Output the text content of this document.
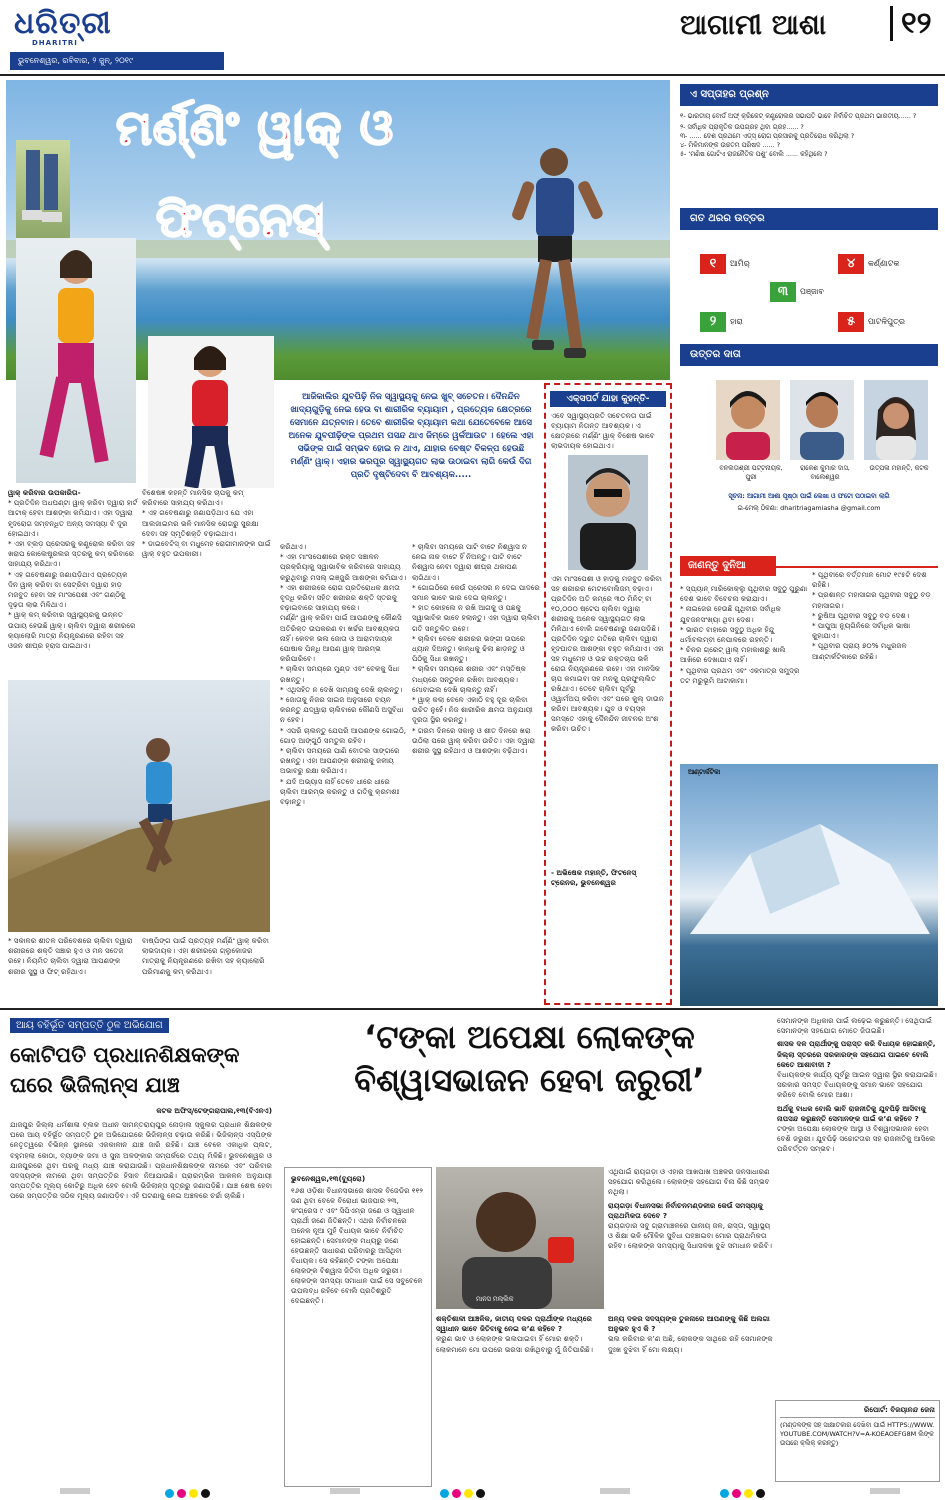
ଧରିତ୍ରୀ
DHARITRI
ଭୁବନେଶ୍ୱର, ରବିବାର, ୨ ଜୁନ୍‌, ୨୦୧୯
ଆଗାମୀ ଆଶା	୧୨
ମର୍ଣ୍ଣିଂ ୱାକ୍‌ ଓ
ଫିଟ୍‌ନେସ୍‌
ଆଜିକାଲିର ଯୁବପିଢ଼ି ନିଜ ସ୍ୱାସ୍ଥ୍ୟକୁ ନେଇ ଖୁବ୍‌ ସଚେତନ। ଦୈନନ୍ଦିନ ଖାଦ୍ୟଗୁଡ଼ିକୁ ନେଇ ହେଉ ବା ଶାରୀରିକ ବ୍ୟାୟାମ , ପ୍ରତ୍ୟେକ କ୍ଷେତ୍ରରେ ସେମାନେ ଯତ୍ନବାନ। ତେବେ ଶାରୀରିକ ବ୍ୟାୟାମ କଥା ଯେତେବେଳେ ଆସେ ଅନେକ ଯୁବପୀଢ଼ିଙ୍କ ପ୍ରଥମ ପସନ୍ଦ ଥାଏ ଜିମ୍‌ରେ ୱର୍କଆଉଟ । ହେଲେ ଏହା ସଭିଙ୍କ ପାଇଁ ସମ୍ଭବ ହୋଇ ନ ଥାଏ, ଯାହାର ବେଷ୍ଟ ବିକଳ୍ପ ହେଉଛି ମର୍ଣ୍ଣିଂ ୱାକ୍‌। ଏହାର ଭରପୂର ସ୍ୱାସ୍ଥ୍ୟଗତ ଲାଭ ଉଠାଇବା ଲାଗି କେଉଁ ଦିଗ ପ୍ରତି ଦୃଷ୍ଟିଦେବା ବି ଆବଶ୍ୟକ.....
ୱାକ୍‌ କରିବାର ଉପକାରିତା-

* ପ୍ରତିଦିନ ଅଧଘଣ୍ଟା ୱାକ୍‌ କରିବା ଦ୍ୱାରା ହାର୍ଟ ଆଟାକ୍‌ ହେବା ଆଶଙ୍କା କମିଯାଏ। ଏହା ଦ୍ୱାରା ହୃଦରୋଗ ସମ୍ବନ୍ଧିତ ଅନ୍ୟ ସମସ୍ୟା ବି ଦୂର ହୋଇଥାଏ।

* ଏହା ବ୍ଲଡ଼ ପ୍ରେସରକୁ କଣ୍ଟ୍ରୋଲ କରିବା ସହ ଖରାପ କୋଲେଷ୍ଟ୍ରଲର ସ୍ତରକୁ କମ୍‌ କରିବାରେ ସାହାଯ୍ୟ କରିଥାଏ।

* ଏହ ଗବେଷଣାରୁ ଜଣାପଡ଼ିଥାଏ ପ୍ରତ୍ୟେକ ଦିନ ୱାକ୍‌ କରିବା ବା ସେଟ୍ରିବା ଦ୍ୱାରା ହାଡ଼ ମଜବୁତ ହେବା ସହ ମାଂସପେଶୀ ଏବଂ ଗଣ୍ଠିକୁ ଦୃଢ଼ତା ଲାଭ ମିଳିଥାଏ।

* ୱାକ୍‌ କମ୍‌ କରିବାର ସ୍ୱାସ୍ଥ୍ୟରକୁ ଉନ୍ନତ ଉପାୟ ହେଉଛି ୱାକ୍‌। ଚାଲିବା ଦ୍ୱାରା ଶରୀରରେ କ୍ୟାଲୋରି ମାତ୍ରା ନିୟନ୍ତ୍ରଣରେ ରହିବା ସହ ଓଜନ ଶୀଘ୍ର ହ୍ରାସ ପାଇଥାଏ।

* ସକାଳର ଶୀତଳ ପରିବେଶରେ ଚାଲିବା ଦ୍ୱାରା ଶରୀରରେ ଶକ୍ତି ସଞ୍ଚାର ହୁଏ ଓ ମନ ସତେଜ ରହେ। ନିୟମିତ ଚାଲିବା ଦ୍ୱାରା ଆପଣଙ୍କ ଶରୀର ସୁସ୍ଥ ଓ ଫିଟ୍‌ ରହିଥାଏ।

ବିଶେଷଜ୍ଞ କହନ୍ତି ମାନସିକ ଚାପକୁ କମ୍‌ କରିବାରେ ସାହାଯ୍ୟ କରିଥାଏ।

* ଏହ ଗବେଷଣାରୁ ଜଣାପଡ଼ିଥାଏ ଯେ ଏହା ଆଲଜାଇମର ଭଳି ମାନସିକ ରୋଗରୁ ସୁରକ୍ଷା ଦେବା ସହ ସ୍ମୃତିଶକ୍ତି ବଢ଼ାଇଥାଏ।

* ଡାଇବେଟିସ୍‌ ବା ମଧୁମେହ ରୋଗୀମାନଙ୍କ ପାଇଁ ୱାକ୍‌ ବହୁତ ଉପକାରୀ।

ବାଷ୍ପିଙ୍ଗ ପାଇଁ ପ୍ରତ୍ୟହ ମର୍ଣ୍ଣିଂ ୱାକ୍‌ କରିବା ଲାଭଦାୟକ। ଏହା ଶରୀରରେ ଗ୍ଲୁକୋଜର ମାତ୍ରାକୁ ନିୟନ୍ତ୍ରଣରେ ରଖିବା ସହ କ୍ୟାଲୋରି ପରିମାଣକୁ କମ୍‌ କରିଥାଏ।

କରିଥାଏ।

* ଏହା ମାଂସପେଶୀରେ ରକ୍ତ ସଞ୍ଚାଳନ ପ୍ରକ୍ରିୟାକୁ ସ୍ୱାଭାବିକ କରିବାରେ ସାହାଯ୍ୟ କରୁଥିବାରୁ ମସଲ୍‌ ଇଞ୍ଜୁରି ଆଶଙ୍କା କମିଯାଏ।

* ଏହା ଶରୀରରେ ରୋଗ ପ୍ରତିରୋଧକ କ୍ଷମତା ବୃଦ୍ଧି କରିବା ସହିତ ଶରୀରର ଶକ୍ତି ସ୍ତରକୁ ବଢ଼ାଇବାରେ ସାହାଯ୍ୟ କରେ।

ମର୍ଣ୍ଣିଂ ୱାକ୍‌ କରିବା ପାଇଁ ଆପଣଙ୍କୁ କୌଣସି ଅତିରିକ୍ତ ଉପକରଣ ବା ଖର୍ଚ୍ଚର ଆବଶ୍ୟକତା ନାହିଁ। କେବଳ ଭଲ ଜୋତା ଓ ଆରାମଦାୟକ ପୋଷାକ ପିନ୍ଧି ଆପଣ ୱାକ୍‌ ଆରମ୍ଭ କରିପାରିବେ।

* ଚାଲିବା ସମୟରେ ମୁଣ୍ଡ ଏବଂ ବେକକୁ ସିଧା ରଖନ୍ତୁ।

* ଏଥିସହିତ ନ ଦେଖି ସାମ୍ନାକୁ ଦେଖି ଚାଲନ୍ତୁ।

* ଜୋତାକୁ ନିଜର ସାଇଜ ଅନୁସାରେ ଚୟନ କରନ୍ତୁ ଯଦ୍ୱାରା ଚାଲିବାରେ କୌଣସି ଅସୁବିଧା ନ ହେବ।

* ଏପରି ଚାଲନ୍ତୁ ଯେପରି ଆପଣଙ୍କ ଗୋଇଠି, ଗୋଡ଼ ଆଙ୍ଗୁଠି ସମତୁଲ ରହିବ।

* ଚାଲିବା ସମୟରେ ପାଣି ବୋତଲ ସାଙ୍ଗରେ ରଖନ୍ତୁ। ଏହା ଆପଣଙ୍କ ଶରୀରକୁ ଜଳୀୟ ଅଭାବରୁ ରକ୍ଷା କରିଥାଏ।

* ଯଦି ଅଭ୍ୟାସ ନାହିଁ ତେବେ ଧୀରେ ଧୀରେ ଚାଲିବା ଆରମ୍ଭ କରନ୍ତୁ ଓ ଗତିକୁ କ୍ରମଶଃ ବଢ଼ାନ୍ତୁ।

* ଚାଲିବା ସମୟରେ ପାଟି ବାଟେ ନିଶ୍ୱାସ ନ ନେଇ ନାକ ବାଟେ ହିଁ ନିଅନ୍ତୁ। ପାଟି ବାଟେ ନିଶ୍ୱାସ ନେବା ଦ୍ୱାରା ଶୀଘ୍ର ଥକାପଣ ଲାଗିଥାଏ।

* ଗୋଇଠିରେ କେଉଁ ପ୍ରେସର ନ ଦେଇ ପାଦରେ ସମାନ ଭାବେ ଭାର ଦେଇ ଚାଲନ୍ତୁ।

* ହାତ କୋହଲେ ନ ରଖି ଆଗକୁ ଓ ପଛକୁ ସ୍ୱାଭାବିକ ଭାବେ ହଲାନ୍ତୁ। ଏହା ଦ୍ୱାରା ଚାଲିବା ଗତି ସନ୍ତୁଳିତ ରହେ।

* ଚାଲିବା ବେଳେ ଶରୀରର ଭଙ୍ଗୀ ଉପରେ ଧ୍ୟାନ ଦିଅନ୍ତୁ। କାନ୍ଧକୁ ଢିଲା ଛାଡ଼ନ୍ତୁ ଓ ପିଠିକୁ ସିଧା ରଖନ୍ତୁ।

* ଚାଲିବା ସମୟରେ ଶରୀର ଏବଂ ମସ୍ତିଷ୍କ ମଧ୍ୟରେ ସନ୍ତୁଳନ ରଖିବା ଆବଶ୍ୟକ। ମୋବାଇଲ ଦେଖି ଚାଲନ୍ତୁ ନାହିଁ।

* ୱାକ୍‌ କଲା ବେଳେ ଏକାଠି ବହୁ ଦୂର ଚାଲିବା ଉଚିତ ନୁହେଁ। ନିଜ ଶାରୀରିକ କ୍ଷମତା ଅନୁଯାୟୀ ଦୂରତା ସ୍ଥିର କରନ୍ତୁ।

* ଗରମ ଦିନରେ ସକାଳୁ ଓ ଶୀତ ଦିନରେ ଖରା ଉଠିଲା ପରେ ୱାକ୍‌ କରିବା ଉଚିତ। ଏହା ଦ୍ୱାରା ଶରୀର ସୁସ୍ଥ ରହିଥାଏ ଓ ଆଶଙ୍କା ବଢ଼ିଥାଏ।

ଏକ୍ସପର୍ଟ ଯାହା କୁହନ୍ତି-
ଏବେ ସ୍ୱାସ୍ଥ୍ୟପ୍ରତି ସଚେତନତା ପାଇଁ ବ୍ୟାୟାମ ନିତାନ୍ତ ଆବଶ୍ୟକ। ଏ କ୍ଷେତ୍ରରେ ମର୍ଣ୍ଣିଂ ୱାକ୍‌ ବିଶେଷ ଭାବେ ଲାଭଦାୟକ ହୋଇଥାଏ।
ଏହା ମାଂସପେଶୀ ଓ ହାଡ଼କୁ ମଜବୁତ କରିବା ସହ ଶରୀରର ମେଟାବୋଲିଜମ୍‌ ବଢ଼ାଏ। ପ୍ରତିଦିନ ଅତି କମ୍‌ରେ ୩୦ ମିନିଟ୍‌ ବା ୧୦,୦୦୦ ଷ୍ଟେପ ଚାଲିବା ଦ୍ୱାରା ଶରୀରକୁ ଅନେକ ସ୍ୱାସ୍ଥ୍ୟଗତ ଲାଭ ମିଳିଥାଏ ବୋଲି ଗବେଷଣାରୁ ଜଣାପଡ଼ିଛି। ପ୍ରତିଦିନ ଦ୍ରୁତ ଗତିରେ ଚାଲିବା ଦ୍ୱାରା ହୃଦଘାତର ଆଶଙ୍କା ବହୁତ କମିଯାଏ। ଏହା ସହ ମଧୁମେହ ଓ ଉଚ୍ଚ ରକ୍ତଚାପ ଭଳି ରୋଗ ନିୟନ୍ତ୍ରଣରେ ରହେ। ଏହା ମାନସିକ ଚାପ କମାଇବା ସହ ମନକୁ ପ୍ରଫୁଲ୍ଲିତ ରଖିଥାଏ। ତେବେ ଚାଲିବା ପୂର୍ବରୁ ଓ୍ୱାର୍ମଅପ୍‌ କରିବା ଏବଂ ପରେ କୁଲ୍‌ ଡାଉନ କରିବା ଆବଶ୍ୟକ। ଯୁବ ଓ ବୟସ୍କ ସମସ୍ତେ ଏହାକୁ ଦୈନନ୍ଦିନ ଜୀବନର ଅଂଶ କରିବା ଉଚିତ।
- ଅଭିଷେକ ମହାନ୍ତି, ଫିଟନେସ୍‌ ଟ୍ରେନର, ଭୁବନେଶ୍ୱର
ଏ ସପ୍ତାହର ପ୍ରଶ୍ନ
୧- ଭାରତୀୟ ବୋର୍ଡ ଅଫ୍‌ କ୍ରିକେଟ୍‌ କଣ୍ଟ୍ରୋଲର ସଭାପତି ଭାବେ ନିର୍ବାଚିତ ପ୍ରଥମ ଭାରତୀୟ...... ?
୨- ସର୍ବାଧିକ ପ୍ରାକୃତିକ ଉପଗ୍ରହ ଥିବା ଗ୍ରହ...... ?
୩- ...... ଦେଶ ପ୍ରଥମେ ଏଡ୍‌ସ୍‌ ରୋଗ ପ୍ରସାରକୁ ପ୍ରତିରୋଧ କରିଥିଲା ?
୪- ମିଳିମାନଙ୍କ ଉଚ୍ଚତମ ପରିଷଦ ...... ?
୫- ‘ମଣିଷ ଗୋଟିଏ ରାଜନୈତିକ ପଶୁ’ ବୋଲି ...... କହିଥିଲେ ?
ଗତ ଥରର ଉତ୍ତର
୧	ଆମିର୍	୪	କର୍ଣ୍ଣାଟକ
୩	ପଞ୍ଜାବ
୨	ହାରା	୫	ପାଟଳିପୁତ୍ର
ଉତ୍ତର ଦାତା
ବନଲତାଶ୍ରୀ ପଟ୍ଟନାୟକ, ପୁରୀ
ରାକେଶ କୁମାର ଦାସ, ବାଲେଶ୍ୱର
ଉତ୍ପଳା ମହାନ୍ତି, କଟକ
ସୂଚନା: ଆଗାମୀ ଆଶା ପୃଷ୍ଠା ପାଇଁ ଲେଖା ଓ ଫଟୋ ପଠାଇବା ଲାଗି
ଇ-ମେଲ୍‌ ଠିକଣା: dharitriagamiasha @gmail.com
ଜାଣନ୍ତୁ ଦୁନିଆ

* ସ୍ପ୍ୟାନ୍‌ ମାରିକୋକ୍ଲୁ ପୃଥିବୀର ସବୁଠୁ ପୁରୁଣା ଦେଶ ଭାବେ ବିବେଚନା କରାଯାଏ।

* ନାଇଜେର ହେଉଛି ପୃଥିବୀର ସର୍ବାଧିକ ଯୁବଜନସଂଖ୍ୟା ଥିବା ଦେଶ।

* ଭାରତ ବାହାରେ ସବୁଠୁ ଅଧିକ ହିନ୍ଦୁ ଧର୍ମାବଲମ୍ବୀ ନେପାଳରେ ରହନ୍ତି।

* ଚିନର ଗ୍ରେଟ୍‌ ୱାଲ୍‌ ମହାକାଶରୁ ଖାଲି ଆଖିରେ ଦେଖାଯାଏ ନାହିଁ।

* ପୃଥିବୀର ପ୍ରଥମ ଏବଂ ଏକମାତ୍ର ସମୁଦ୍ର ତଟ ମରୁଭୂମି ଆଟାକାମା।

* ପୃଥିବୀରେ ବର୍ତ୍ତମାନ ମୋଟ ୧୯୫ଟି ଦେଶ ରହିଛି।

* ପ୍ରଶାନ୍ତ ମହାସାଗର ପୃଥିବୀର ସବୁଠୁ ବଡ଼ ମହାସାଗର।

* ରୁଷିଆ ପୃଥିବୀର ସବୁଠୁ ବଡ଼ ଦେଶ।

* ପାପୁଆ ନ୍ୟୁଗିନିରେ ସର୍ବାଧିକ ଭାଷା କୁହାଯାଏ।

* ପୃଥିବୀର ପ୍ରାୟ ୭୦% ମଧୁରଜଳ ଆଣ୍ଟାର୍କଟିକାରେ ରହିଛି।

ଆଣ୍ଟାର୍କଟିକା
ଆୟ ବହିର୍ଭୂତ ସମ୍ପତ୍ତି ଠୁଳ ଅଭିଯୋଗ
କୋଟିପତି ପ୍ରଧାନଶିକ୍ଷକଙ୍କ ଘରେ ଭିଜିଲାନ୍ସ ଯାଞ୍ଚ
କଟକ ଅଫିସ୍‌/ଟେଙ୍ଗରାପାଲ,୧୩(ବିଏନଏ)
ଯାଜପୁର ଜିଲ୍ଲା ଧର୍ମଶାଳା ବ୍ଲକ ଅଧୀନ ସାମନ୍ତରାୟପୁର ନୋଡ଼ାଲ ସ୍କୁଲର ପ୍ରଧାନ ଶିକ୍ଷକଙ୍କ ଘରେ ଆୟ ବହିର୍ଭୂତ ସମ୍ପତ୍ତି ଠୁଳ ଅଭିଯୋଗରେ ଭିଜିଲାନ୍ସ ଚଢ଼ାଉ କରିଛି। ଭିଜିଲାନ୍ସ ଏସ୍‌ପିଙ୍କ ନେତୃତ୍ୱରେ ବିଭିନ୍ନ ସ୍ଥାନରେ ଏକକାଳୀନ ଯାଞ୍ଚ ଜାରି ରହିଛି। ଯାଞ୍ଚ ବେଳେ ଏକାଧିକ ପ୍ଲଟ, ବହୁମହଲା କୋଠା, ବ୍ୟାଙ୍କ ଜମା ଓ ସୁନା ଅଳଙ୍କାର ସମ୍ପର୍କରେ ତଥ୍ୟ ମିଳିଛି। ଭୁବନେଶ୍ୱର ଓ ଯାଜପୁରରେ ଥିବା ଘରକୁ ମଧ୍ୟ ଯାଞ୍ଚ କରାଯାଉଛି। ପ୍ରଧାନଶିକ୍ଷକଙ୍କ ନାମରେ ଏବଂ ପରିବାର ସଦସ୍ୟଙ୍କ ନାମରେ ଥିବା ସମ୍ପତ୍ତିର ହିସାବ ନିଆଯାଉଛି। ପ୍ରାରମ୍ଭିକ ଆକଳନ ଅନୁଯାୟୀ ସମ୍ପତ୍ତିର ମୂଲ୍ୟ କୋଟିରୁ ଅଧିକ ହେବ ବୋଲି ଭିଜିଲାନ୍ସ ସୂତ୍ରରୁ ଜଣାପଡ଼ିଛି। ଯାଞ୍ଚ ଶେଷ ହେବା ପରେ ସମ୍ପତ୍ତିର ସଠିକ ମୂଲ୍ୟ ଜଣାପଡ଼ିବ। ଏହି ଘଟଣାକୁ ନେଇ ଅଞ୍ଚଳରେ ଚର୍ଚ୍ଚା ଚାଲିଛି।
‘ଟଙ୍କା ଅପେକ୍ଷା ଲୋକଙ୍କ ବିଶ୍ୱାସଭାଜନ ହେବା ଜରୁରୀ’
ଭୁବନେଶ୍ୱର,୧୩(ବ୍ୟୁରୋ)
୧୬ଶ ଓଡ଼ିଶା ବିଧାନସଭାରେ ଶାସକ ବିଜେଡିର ୧୧୨ ଜଣ ଥିବା ବେଳେ ବିରୋଧୀ ଭାଜପାର ୨୩, କଂଗ୍ରେସ ୯ ଏବଂ ସିପିଏମ୍‌ର ଜଣେ ଓ ସ୍ୱାଧୀନ ପ୍ରାର୍ଥୀ ଜଣେ ଜିତିଛନ୍ତି। ଏଥର ନିର୍ବାଚନରେ ଅନେକ ନୂଆ ମୁହଁ ବିଧାୟକ ଭାବେ ନିର୍ବାଚିତ ହୋଇଛନ୍ତି। ସେମାନଙ୍କ ମଧ୍ୟରୁ ଜଣେ ହେଉଛନ୍ତି ସାଧାରଣ ପରିବାରରୁ ଆସିଥିବା ବିଧାୟକ। ସେ କହିଛନ୍ତି ଟଙ୍କା ଅପେକ୍ଷା ଲୋକଙ୍କ ବିଶ୍ୱାସ ଜିତିବା ଅଧିକ ଜରୁରୀ। ଲୋକଙ୍କ ସମସ୍ୟା ସମାଧାନ ପାଇଁ ସେ ସବୁବେଳେ ଉପଲବ୍ଧ ରହିବେ ବୋଲି ପ୍ରତିଶ୍ରୁତି ଦେଇଛନ୍ତି।	ମାନସ ମଲ୍ଲିକ

ଏଥିପାଇଁ ରାୟଗଡ଼ା ଓ ଏହାର ଆଖପାଖ ଅଞ୍ଚଳର ଜନସାଧାରଣ ସହଯୋଗ କରିଥିଲେ। ଲୋକଙ୍କ ସହଯୋଗ ବିନା କିଛି ସମ୍ଭବ ନଥିଲା।

ରାୟଗଡ଼ା ବିଧାନସଭା ନିର୍ବାଚନମଣ୍ଡଳୀର କେଉଁ ସମସ୍ୟାକୁ ପ୍ରାଥମିକତା ଦେବେ ?

ରାୟଗଡ଼ାର ସବୁ ଗ୍ରାମାଞ୍ଚଳରେ ପାନୀୟ ଜଳ, ରାସ୍ତା, ସ୍ୱାସ୍ଥ୍ୟ ଓ ଶିକ୍ଷା ଭଳି ମୌଳିକ ସୁବିଧା ପହଞ୍ଚାଇବା ମୋର ପ୍ରାଥମିକତା ରହିବ। ଲୋକଙ୍କ ସମସ୍ୟାକୁ ସିଧାସଳଖ ବୁଝି ସମାଧାନ କରିବି।

ଶକ୍ତିଶାଳୀ ଆଞ୍ଚଳିକ, ଜାତୀୟ ଦଳର ପ୍ରାର୍ଥୀଙ୍କ ମଧ୍ୟରେ ସ୍ୱାଧୀନ ଭାବେ ଜିତିବାକୁ ନେଇ କ’ଣ କହିବେ ?

କରୁଣ ଭାବ ଓ ଲୋକଙ୍କ ଭଲପାଇବା ହିଁ ମୋର ଶକ୍ତି। ଲୋକମାନେ ମୋ ଉପରେ ଭରସା ରଖିଥିବାରୁ ମୁଁ ଜିତିପାରିଛି।

ଅନ୍ୟ ଦଳର ସଦସ୍ୟଙ୍କ ତୁଳନାରେ ଆପଣଙ୍କୁ କିଛି ଅଲଗା ଅନୁଭବ ହୁଏ କି ?

ଭଲ କରିବାର କ’ଣ ଅଛି, ଲୋକଙ୍କ ସାଥିରେ ରହି ସେମାନଙ୍କ ଦୁଃଖ ବୁଝିବା ହିଁ ମୋ ଲକ୍ଷ୍ୟ।

ସେମାନଙ୍କ ଅଧିକାର ପାଇଁ ଲଢ଼େଇ କରୁଛନ୍ତି। ସେଥିପାଇଁ ସେମାନଙ୍କ ସହଯୋଗ ମୋତେ ଜିତାଇଛି।

ଶାସକ ଦଳ ପ୍ରାର୍ଥୀଙ୍କୁ ପରାସ୍ତ କରି ବିଧାୟକ ହୋଇଛନ୍ତି, ଜିଲ୍ଲା ସ୍ତରରେ ସରକାରଙ୍କ ସହଯୋଗ ପାଇବେ ବୋଲି କେତେ ଆଶାବାଦୀ ?

ବିଧାୟକଙ୍କ କାର୍ଯ୍ୟ ପୂର୍ବରୁ ଆଇନ ଦ୍ୱାରା ସ୍ଥିର କରାଯାଇଛି। ସରକାର ସମସ୍ତ ବିଧାୟକଙ୍କୁ ସମାନ ଭାବେ ସହଯୋଗ କରିବେ ବୋଲି ମୋର ଆଶା।

ଅର୍ଥକୁ ବାଧକ ବୋଲି ଭାବି ରାଜନୀତିକୁ ଯୁବପିଢ଼ି ଆସିବାକୁ ନାପସନ୍ଦ କରୁଛନ୍ତି ସେମାନଙ୍କ ପାଇଁ କ’ଣ କହିବେ ?

ଟଙ୍କା ଅପେକ୍ଷା ଲୋକଙ୍କ ଆସ୍ଥା ଓ ବିଶ୍ୱାସଭାଜନ ହେବା ବେଶି ଜରୁରୀ। ଯୁବପିଢ଼ି ସଚ୍ଚୋଟତାର ସହ ରାଜନୀତିକୁ ଆସିଲେ ପରିବର୍ତ୍ତନ ସମ୍ଭବ।

ରିପୋର୍ଟ: ବିଜୟାନନ୍ଦ ଜେନା
(ମଣ୍ଡଳଙ୍କ ସହ ସାକ୍ଷାତକାର ଦେଖିବା ପାଇଁ HTTPS://WWW.YOUTUBE.COM/WATCH?V=A-KOEAOEFG8M ଲିଙ୍କ ଉପରେ କ୍ଲିକ୍‌ କରନ୍ତୁ)
